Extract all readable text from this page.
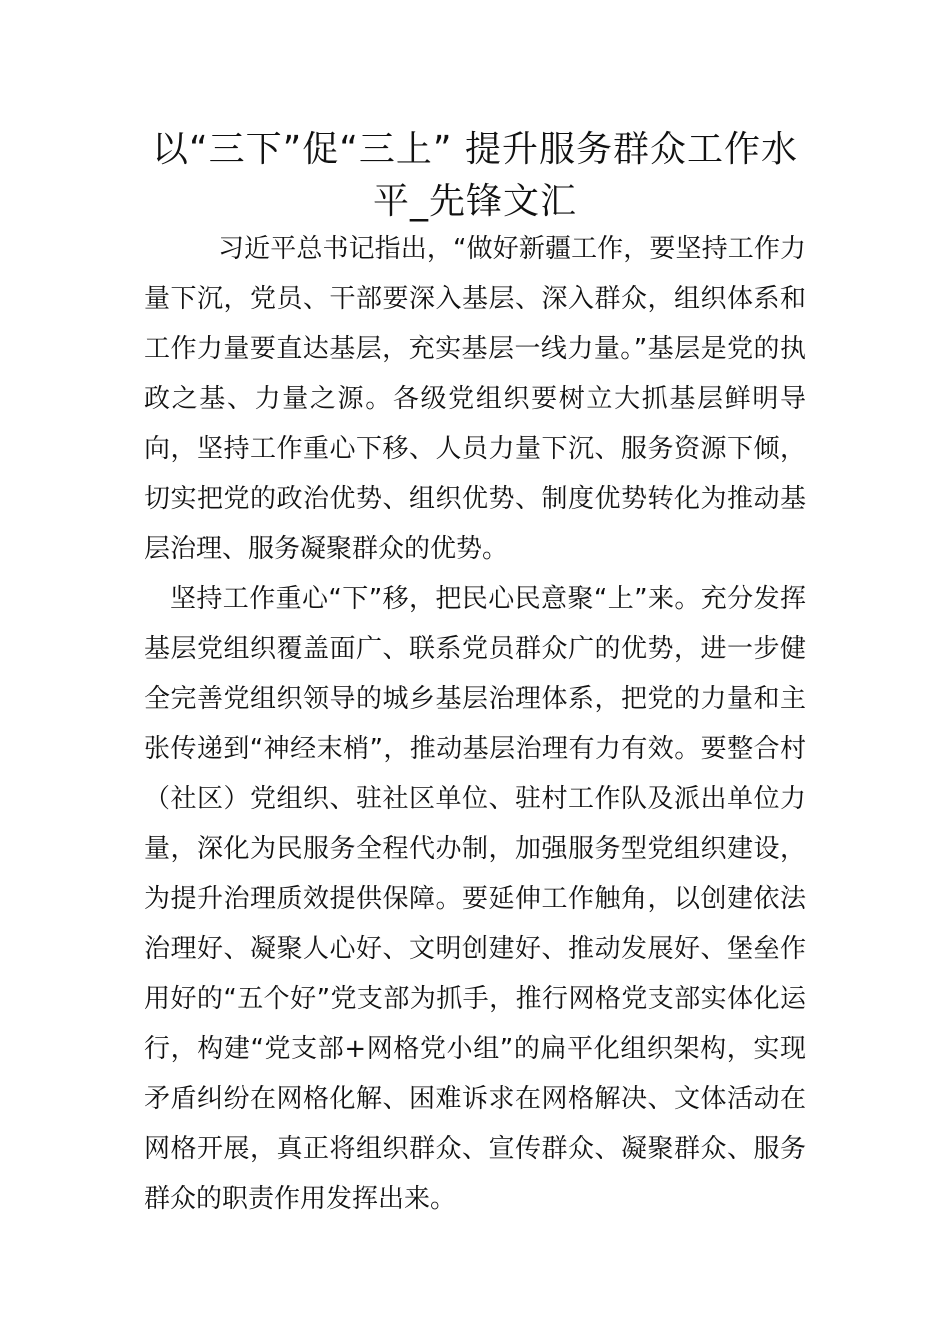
以“三下”促“三上” 提升服务群众工作水平_先锋文汇

习近平总书记指出，“做好新疆工作，要坚持工作力量下沉，党员、干部要深入基层、深入群众，组织体系和工作力量要直达基层，充实基层一线力量。”基层是党的执政之基、力量之源。各级党组织要树立大抓基层鲜明导向，坚持工作重心下移、人员力量下沉、服务资源下倾，切实把党的政治优势、组织优势、制度优势转化为推动基层治理、服务凝聚群众的优势。

坚持工作重心“下”移，把民心民意聚“上”来。充分发挥基层党组织覆盖面广、联系党员群众广的优势，进一步健全完善党组织领导的城乡基层治理体系，把党的力量和主张传递到“神经末梢”，推动基层治理有力有效。要整合村（社区）党组织、驻社区单位、驻村工作队及派出单位力量，深化为民服务全程代办制，加强服务型党组织建设，为提升治理质效提供保障。要延伸工作触角，以创建依法治理好、凝聚人心好、文明创建好、推动发展好、堡垒作用好的“五个好”党支部为抓手，推行网格党支部实体化运行，构建“党支部+网格党小组”的扁平化组织架构，实现矛盾纠纷在网格化解、困难诉求在网格解决、文体活动在网格开展，真正将组织群众、宣传群众、凝聚群众、服务群众的职责作用发挥出来。
